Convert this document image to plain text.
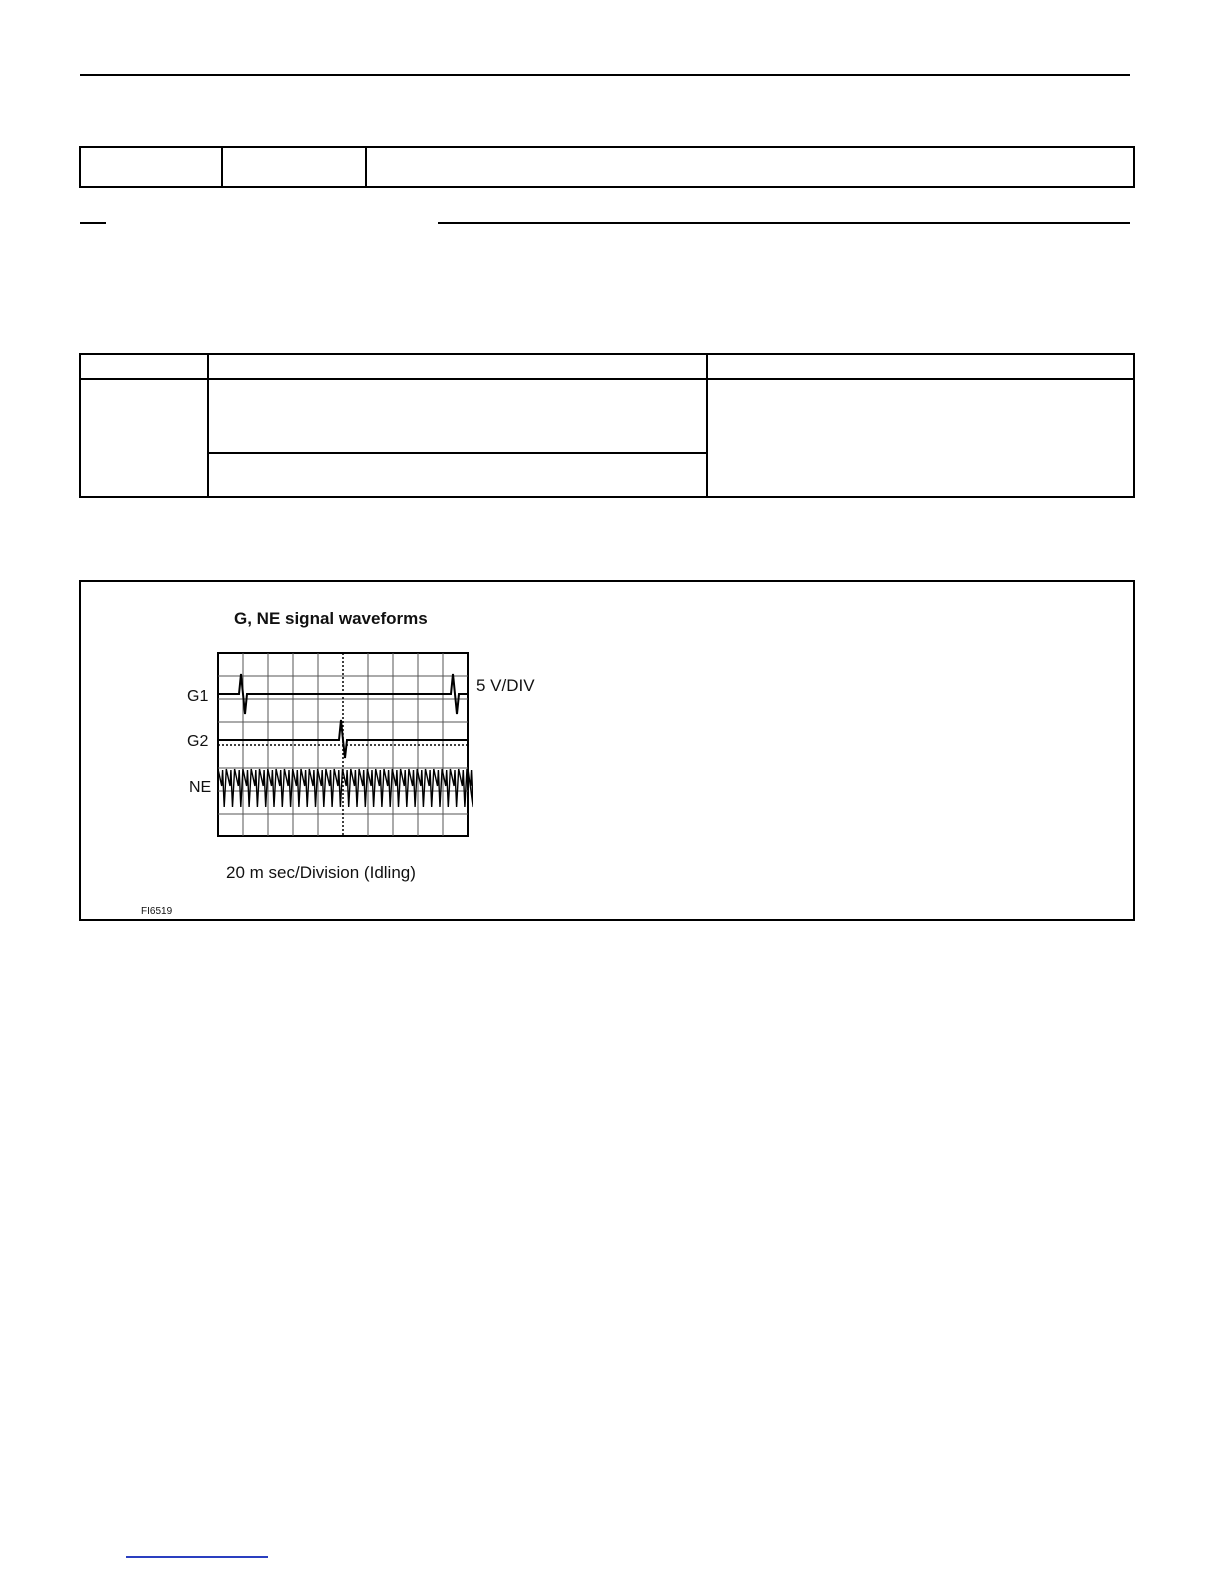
G, NE signal waveforms
G1
G2
NE
5 V/DIV
20 m sec/Division (Idling)
FI6519
